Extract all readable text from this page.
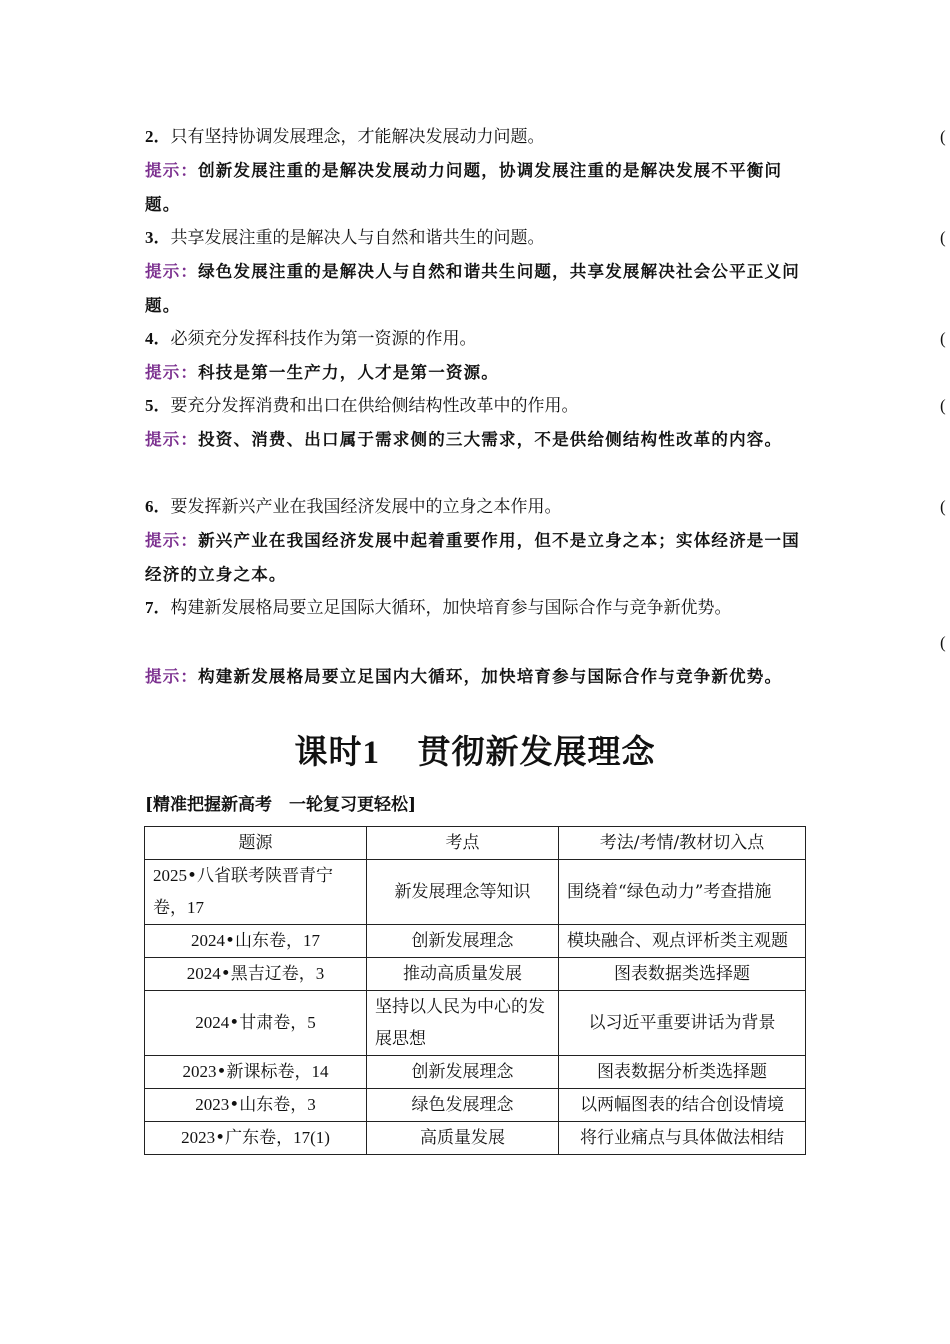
2．只有坚持协调发展理念，才能解决发展动力问题。	(
提示：创新发展注重的是解决发展动力问题，协调发展注重的是解决发展不平衡问题。
3．共享发展注重的是解决人与自然和谐共生的问题。	(
提示：绿色发展注重的是解决人与自然和谐共生问题，共享发展解决社会公平正义问题。
4．必须充分发挥科技作为第一资源的作用。	(
提示：科技是第一生产力，人才是第一资源。
5．要充分发挥消费和出口在供给侧结构性改革中的作用。	(
提示：投资、消费、出口属于需求侧的三大需求，不是供给侧结构性改革的内容。
6．要发挥新兴产业在我国经济发展中的立身之本作用。	(
提示：新兴产业在我国经济发展中起着重要作用，但不是立身之本；实体经济是一国经济的立身之本。
7．构建新发展格局要立足国际大循环，加快培育参与国际合作与竞争新优势。
(
提示：构建新发展格局要立足国内大循环，加快培育参与国际合作与竞争新优势。
课时1 贯彻新发展理念
[精准把握新高考　一轮复习更轻松]
题源	考点	考法/考情/教材切入点
2025•八省联考陕晋青宁卷，17	新发展理念等知识	围绕着“绿色动力”考查措施
2024•山东卷，17	创新发展理念	模块融合、观点评析类主观题
2024•黑吉辽卷，3	推动高质量发展	图表数据类选择题
2024•甘肃卷，5	坚持以人民为中心的发展思想	以习近平重要讲话为背景
2023•新课标卷，14	创新发展理念	图表数据分析类选择题
2023•山东卷，3	绿色发展理念	以两幅图表的结合创设情境
2023•广东卷，17(1)	高质量发展	将行业痛点与具体做法相结
